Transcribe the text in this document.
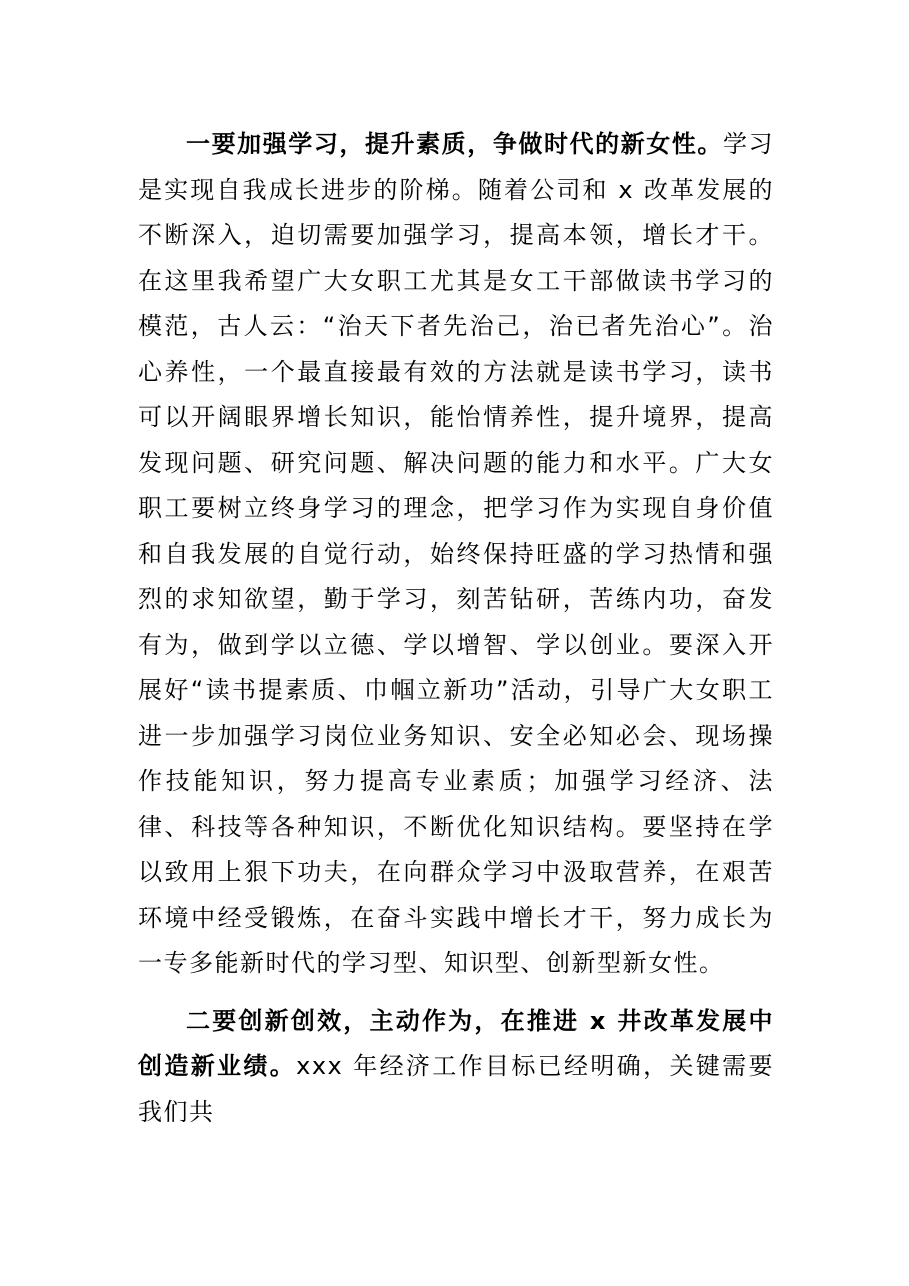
一要加强学习，提升素质，争做时代的新女性。学习是实现自我成长进步的阶梯。随着公司和 x 改革发展的不断深入，迫切需要加强学习，提高本领，增长才干。在这里我希望广大女职工尤其是女工干部做读书学习的模范，古人云：“治天下者先治己，治已者先治心”。治心养性，一个最直接最有效的方法就是读书学习，读书可以开阔眼界增长知识，能怡情养性，提升境界，提高发现问题、研究问题、解决问题的能力和水平。广大女职工要树立终身学习的理念，把学习作为实现自身价值和自我发展的自觉行动，始终保持旺盛的学习热情和强烈的求知欲望，勤于学习，刻苦钻研，苦练内功，奋发有为，做到学以立德、学以增智、学以创业。要深入开展好“读书提素质、巾帼立新功”活动，引导广大女职工进一步加强学习岗位业务知识、安全必知必会、现场操作技能知识，努力提高专业素质；加强学习经济、法律、科技等各种知识，不断优化知识结构。要坚持在学以致用上狠下功夫，在向群众学习中汲取营养，在艰苦环境中经受锻炼，在奋斗实践中增长才干，努力成长为一专多能新时代的学习型、知识型、创新型新女性。

二要创新创效，主动作为，在推进 x 井改革发展中创造新业绩。xxx 年经济工作目标已经明确，关键需要我们共
